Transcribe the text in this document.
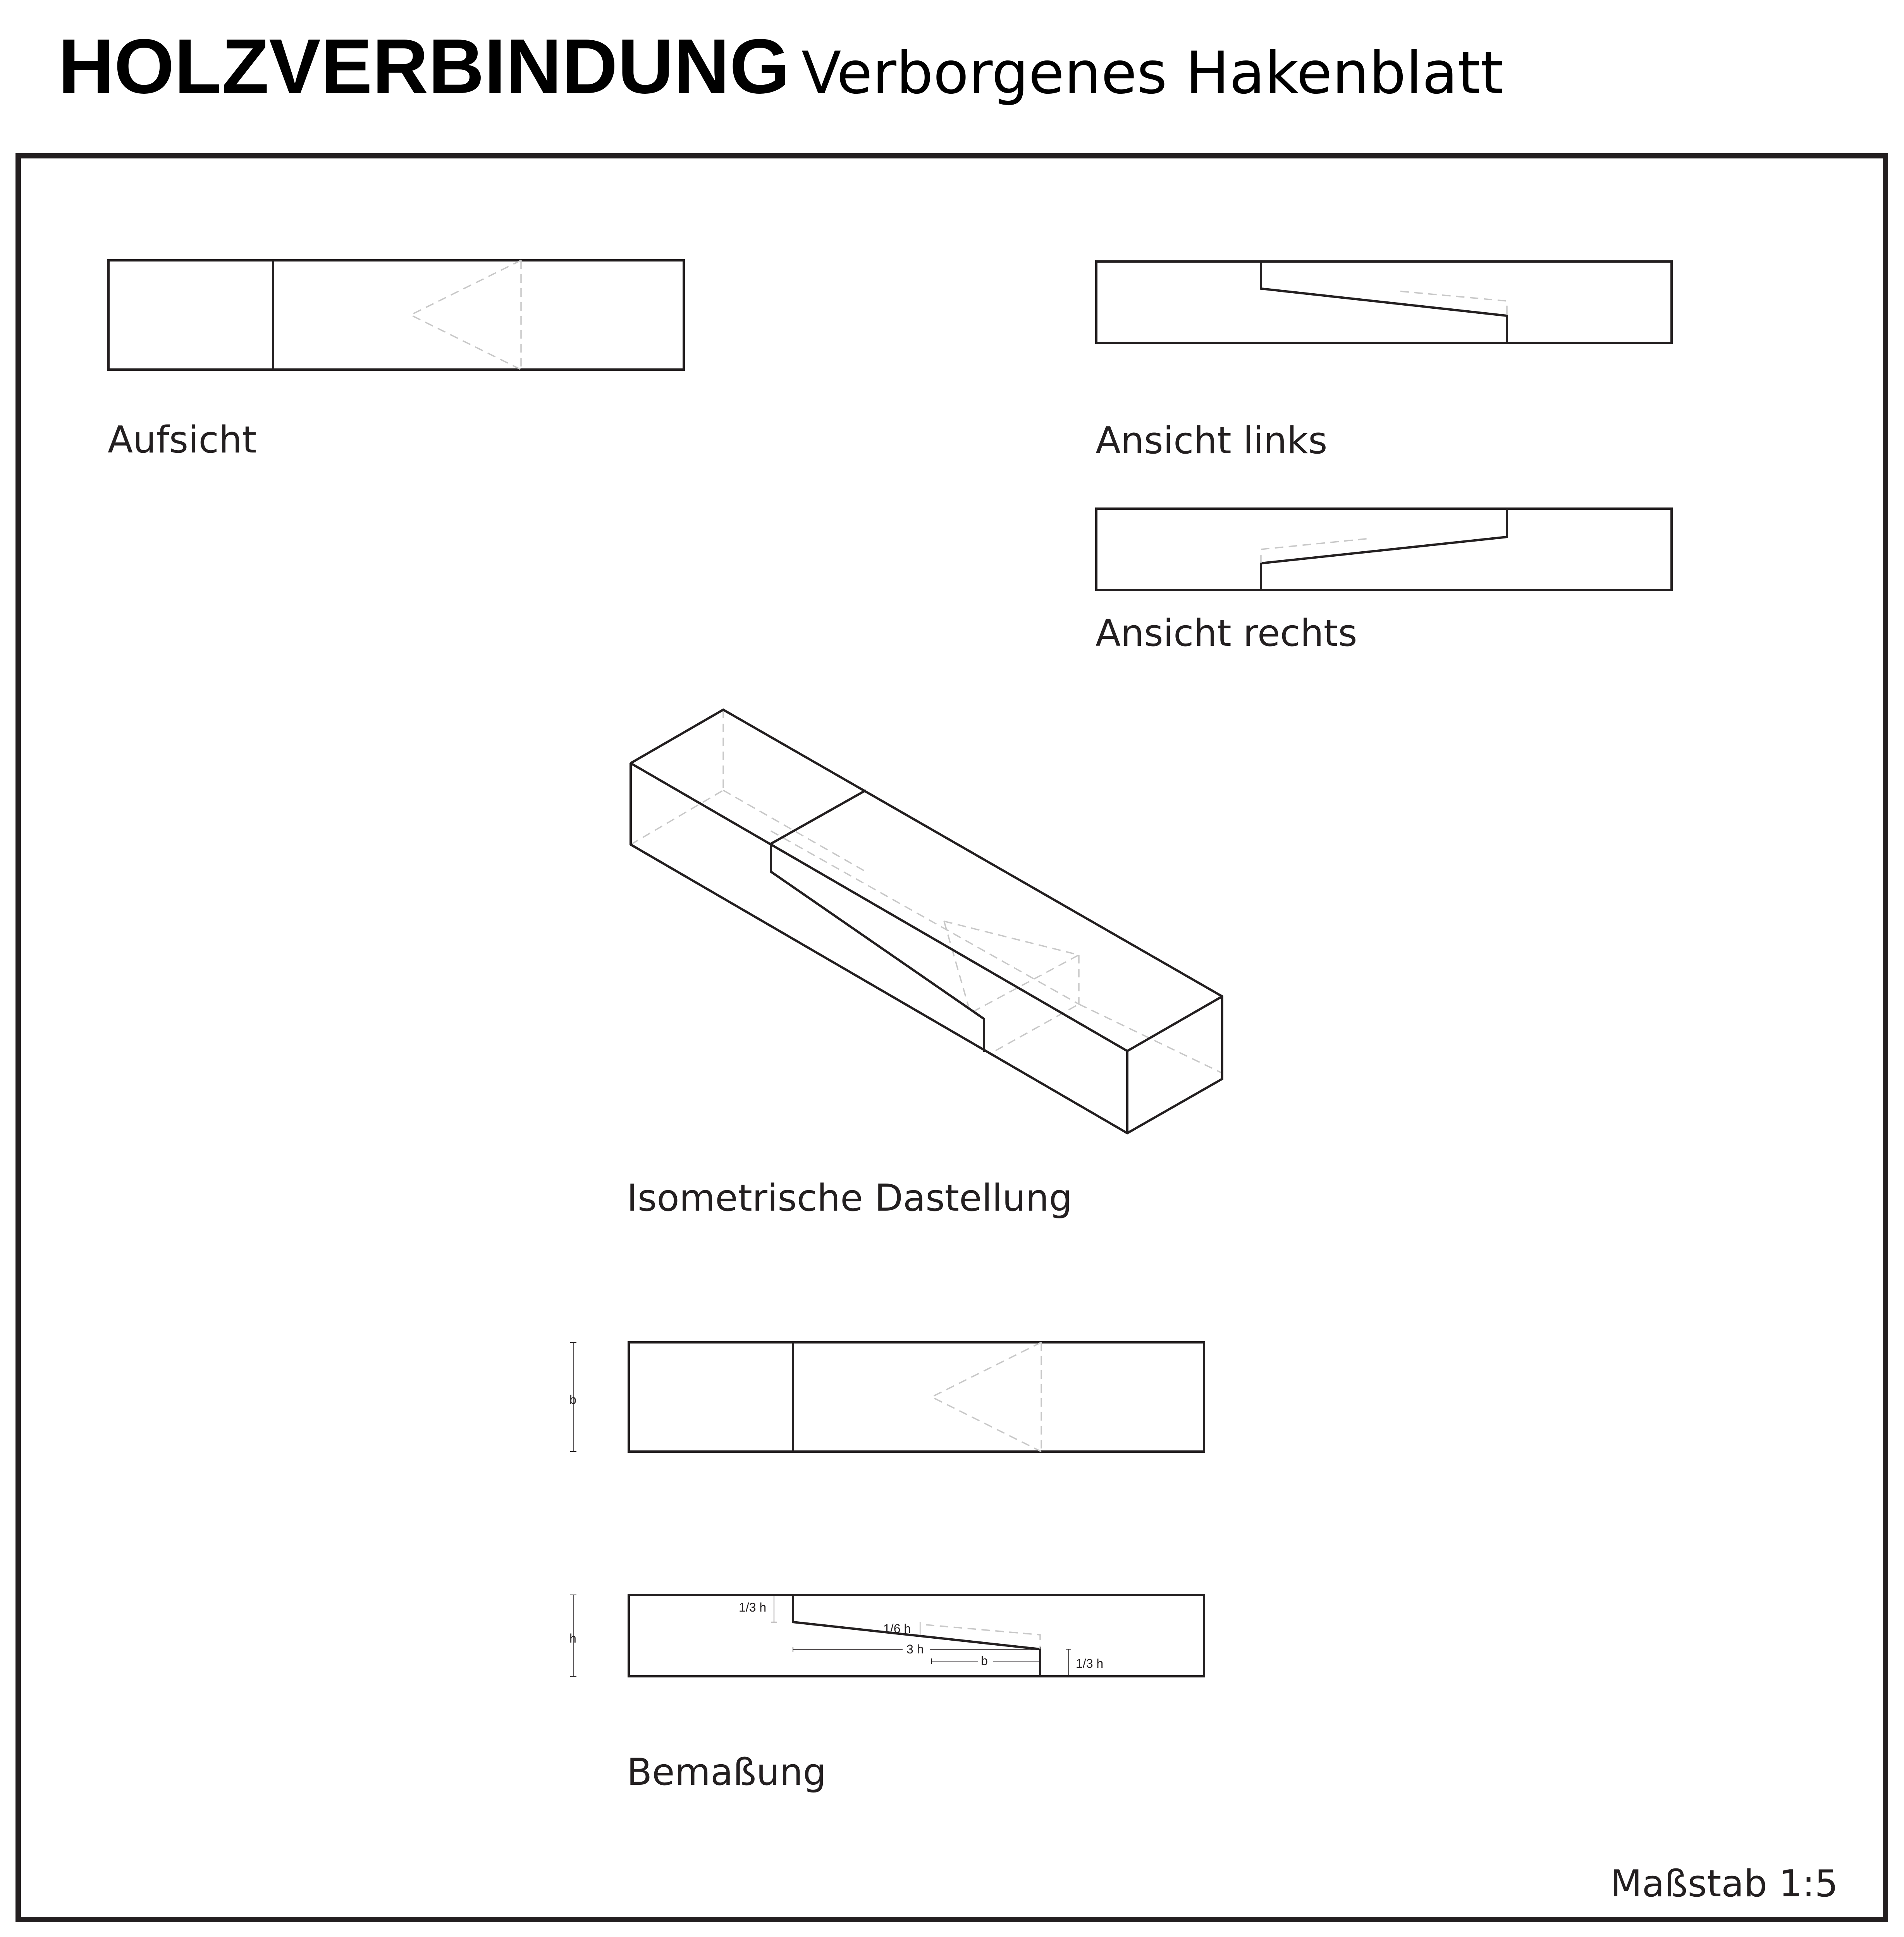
HOLZVERBINDUNG Verborgenes Hakenblatt
Aufsicht	Ansicht links
Ansicht rechts
Isometrische Dastellung
b
h
1/3 h
1/6 h
3 h
b	1/3 h
Bemaßung
Maßstab 1:5
